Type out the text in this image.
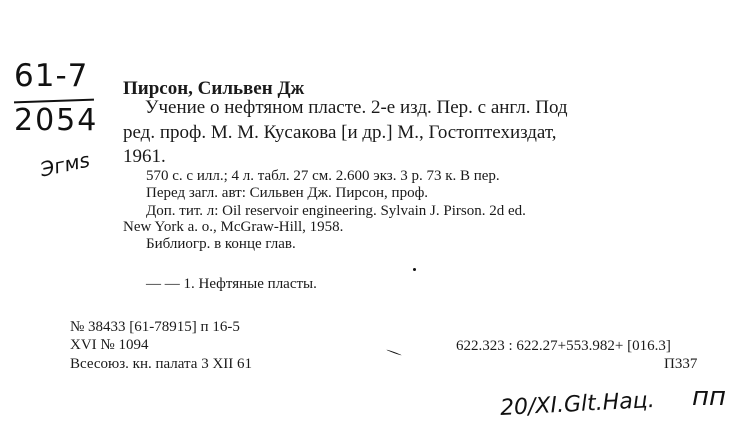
61-7
2054
Эгмѕ
Пирсон, Сильвен Дж
Учение о нефтяном пласте. 2-е изд. Пер. с англ. Под
ред. проф. М. М. Кусакова [и др.] М., Гостоптехиздат,
1961.
570 с. с илл.; 4 л. табл. 27 см. 2.600 экз. 3 р. 73 к. В пер.
Перед загл. авт: Сильвен Дж. Пирсон, проф.
Доп. тит. л: Oil reservoir engineering. Sylvain J. Pirson. 2d ed.
New York a. o., McGraw-Hill, 1958.
Библиогр. в конце глав.
— — 1. Нефтяные пласты.
№ 38433 [61-78915] п 16-5
XVI № 1094
Всесоюз. кн. палата 3 XII 61
622.323 : 622.27+553.982+ [016.3]
П337
20/XI.Glt.Нац. пп
